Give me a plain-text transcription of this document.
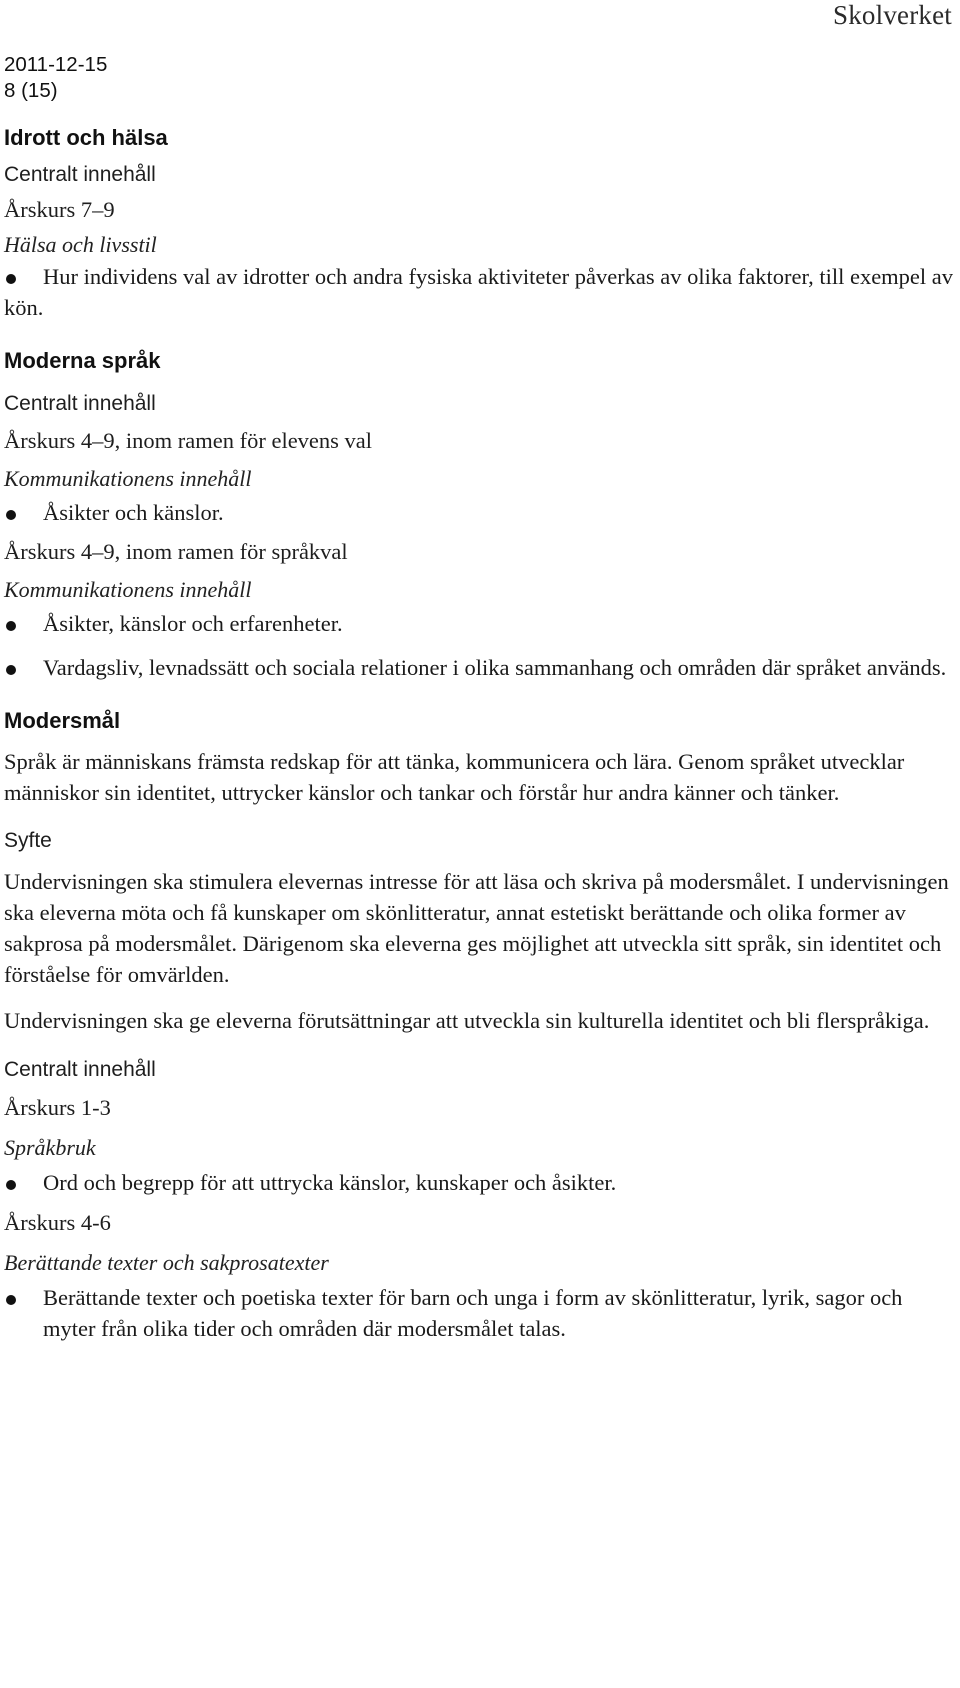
Skolverket
2011-12-15
8 (15)
Idrott och hälsa
Centralt innehåll
Årskurs 7–9
Hälsa och livsstil
Hur individens val av idrotter och andra fysiska aktiviteter påverkas av olika faktorer, till exempel av kön.
Moderna språk
Centralt innehåll
Årskurs 4–9, inom ramen för elevens val
Kommunikationens innehåll
Åsikter och känslor.
Årskurs 4–9, inom ramen för språkval
Kommunikationens innehåll
Åsikter, känslor och erfarenheter.
Vardagsliv, levnadssätt och sociala relationer i olika sammanhang och områden där språket används.
Modersmål

Språk är människans främsta redskap för att tänka, kommunicera och lära. Genom språket utvecklar människor sin identitet, uttrycker känslor och tankar och förstår hur andra känner och tänker.

Syfte

Undervisningen ska stimulera elevernas intresse för att läsa och skriva på modersmålet. I undervisningen ska eleverna möta och få kunskaper om skönlitteratur, annat estetiskt berättande och olika former av sakprosa på modersmålet. Därigenom ska eleverna ges möjlighet att utveckla sitt språk, sin identitet och förståelse för omvärlden.

Undervisningen ska ge eleverna förutsättningar att utveckla sin kulturella identitet och bli flerspråkiga.

Centralt innehåll
Årskurs 1-3
Språkbruk
Ord och begrepp för att uttrycka känslor, kunskaper och åsikter.
Årskurs 4-6
Berättande texter och sakprosatexter
Berättande texter och poetiska texter för barn och unga i form av skönlitteratur, lyrik, sagor och myter från olika tider och områden där modersmålet talas.
